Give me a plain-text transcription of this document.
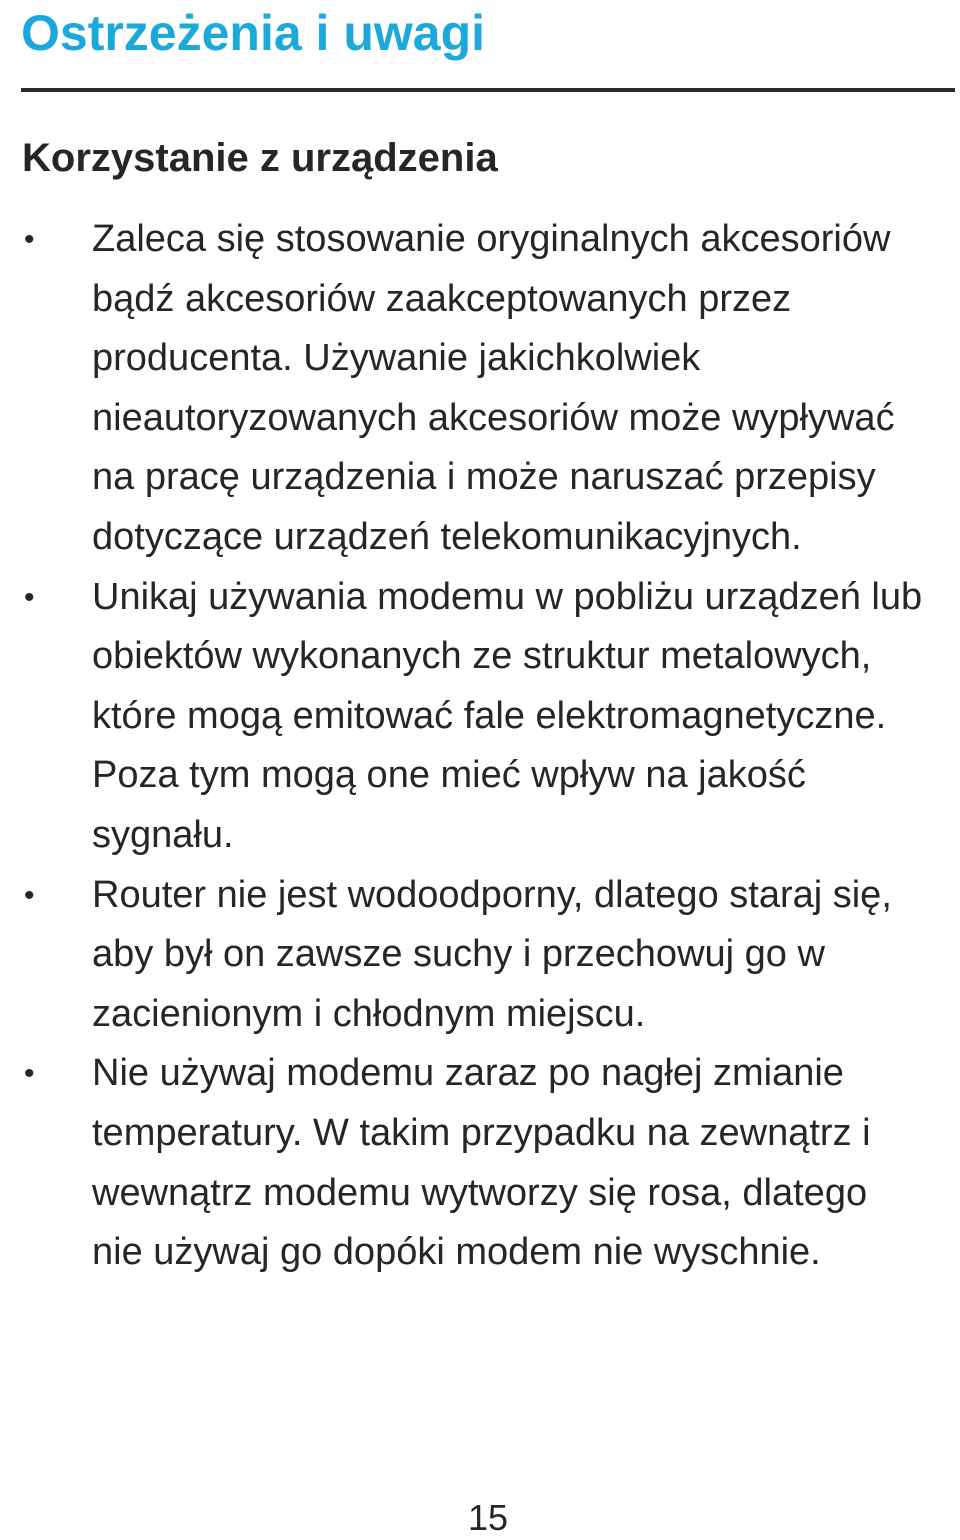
Ostrzeżenia i uwagi
Korzystanie z urządzenia
• Zaleca się stosowanie oryginalnych akcesoriów
bądź akcesoriów zaakceptowanych przez
producenta. Używanie jakichkolwiek
nieautoryzowanych akcesoriów może wypływać
na pracę urządzenia i może naruszać przepisy
dotyczące urządzeń telekomunikacyjnych.
• Unikaj używania modemu w pobliżu urządzeń lub
obiektów wykonanych ze struktur metalowych,
które mogą emitować fale elektromagnetyczne.
Poza tym mogą one mieć wpływ na jakość
sygnału.
• Router nie jest wodoodporny, dlatego staraj się,
aby był on zawsze suchy i przechowuj go w
zacienionym i chłodnym miejscu.
• Nie używaj modemu zaraz po nagłej zmianie
temperatury. W takim przypadku na zewnątrz i
wewnątrz modemu wytworzy się rosa, dlatego
nie używaj go dopóki modem nie wyschnie.
15
